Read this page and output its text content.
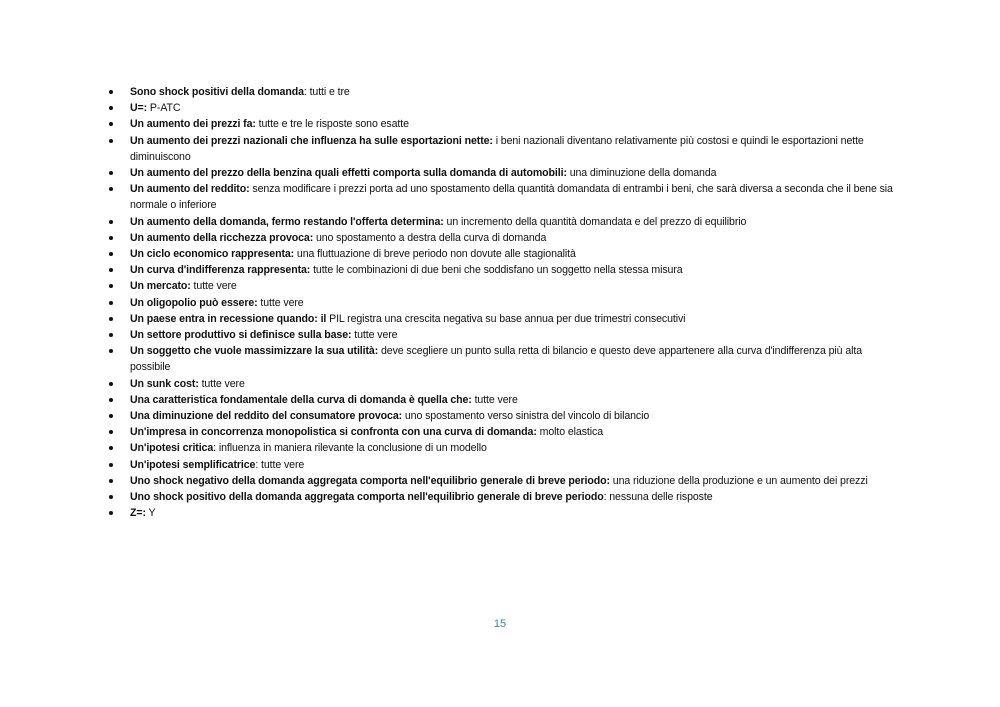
Sono shock positivi della domanda: tutti e tre
U=: P-ATC
Un aumento dei prezzi fa: tutte e tre le risposte sono esatte
Un aumento dei prezzi nazionali che influenza ha sulle esportazioni nette: i beni nazionali diventano relativamente più costosi e quindi le esportazioni nette diminuiscono
Un aumento del prezzo della benzina quali effetti comporta sulla domanda di automobili: una diminuzione della domanda
Un aumento del reddito: senza modificare i prezzi porta ad uno spostamento della quantità domandata di entrambi i beni, che sarà diversa a seconda che il bene sia normale o inferiore
Un aumento della domanda, fermo restando l'offerta determina: un incremento della quantità domandata e del prezzo di equilibrio
Un aumento della ricchezza provoca: uno spostamento a destra della curva di domanda
Un ciclo economico rappresenta: una fluttuazione di breve periodo non dovute alle stagionalità
Un curva d'indifferenza rappresenta: tutte le combinazioni di due beni che soddisfano un soggetto nella stessa misura
Un mercato: tutte vere
Un oligopolio può essere: tutte vere
Un paese entra in recessione quando: il PIL registra una crescita negativa su base annua per due trimestri consecutivi
Un settore produttivo si definisce sulla base: tutte vere
Un soggetto che vuole massimizzare la sua utilità: deve scegliere un punto sulla retta di bilancio e questo deve appartenere alla curva d'indifferenza più alta possibile
Un sunk cost: tutte vere
Una caratteristica fondamentale della curva di domanda è quella che: tutte vere
Una diminuzione del reddito del consumatore provoca: uno spostamento verso sinistra del vincolo di bilancio
Un'impresa in concorrenza monopolistica si confronta con una curva di domanda: molto elastica
Un'ipotesi critica: influenza in maniera rilevante la conclusione di un modello
Un'ipotesi semplificatrice: tutte vere
Uno shock negativo della domanda aggregata comporta nell'equilibrio generale di breve periodo: una riduzione della produzione e un aumento dei prezzi
Uno shock positivo della domanda aggregata comporta nell'equilibrio generale di breve periodo: nessuna delle risposte
Z=: Y
15
